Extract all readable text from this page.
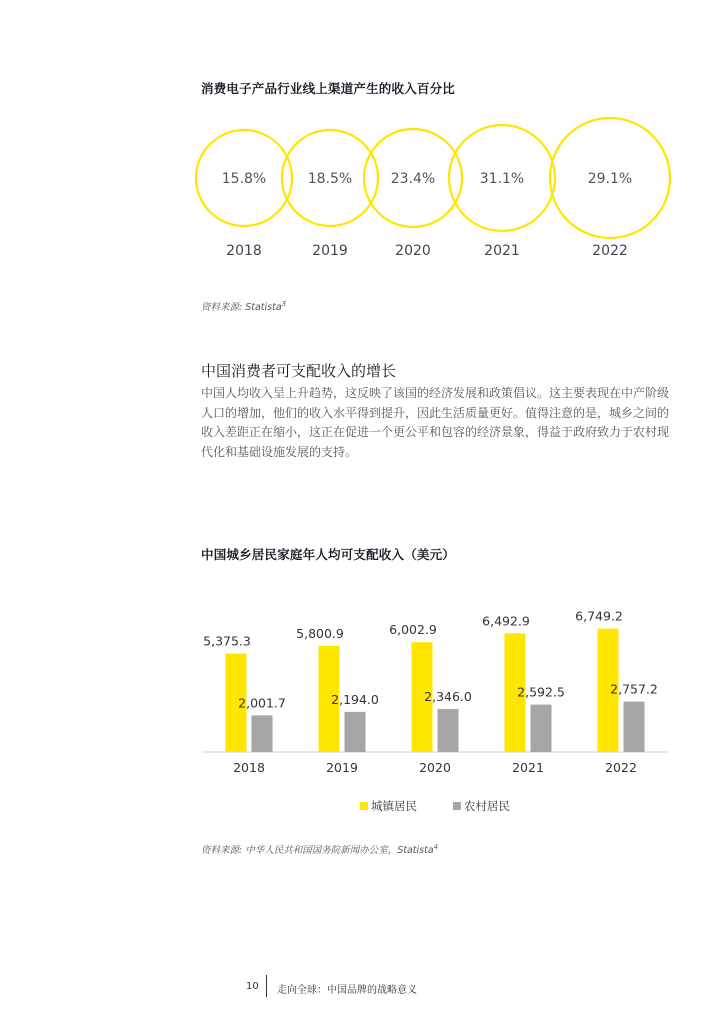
消费电子产品行业线上渠道产生的收入百分比
15.8%
2018
18.5%
2019
23.4%
2020
31.1%
2021
29.1%
2022
资料来源: Statista$^3$
中国消费者可支配收入的增长
中国人均收入呈上升趋势，这反映了该国的经济发展和政策倡议。这主要表现在中产阶级人口的增加，他们的收入水平得到提升，因此生活质量更好。值得注意的是，城乡之间的收入差距正在缩小，这正在促进一个更公平和包容的经济景象，得益于政府致力于农村现代化和基础设施发展的支持。
中国城乡居民家庭年人均可支配收入（美元）
5,375.3
5,800.9	6,002.9
6,492.9	6,749.2
2,001.7	2,194.0	2,346.0	2,592.5	2,757.2
2018	2019	2020	2021	2022
城镇居民	农村居民
资料来源: 中华人民共和国国务院新闻办公室，Statista$^4$
10 走向全球：中国品牌的战略意义
